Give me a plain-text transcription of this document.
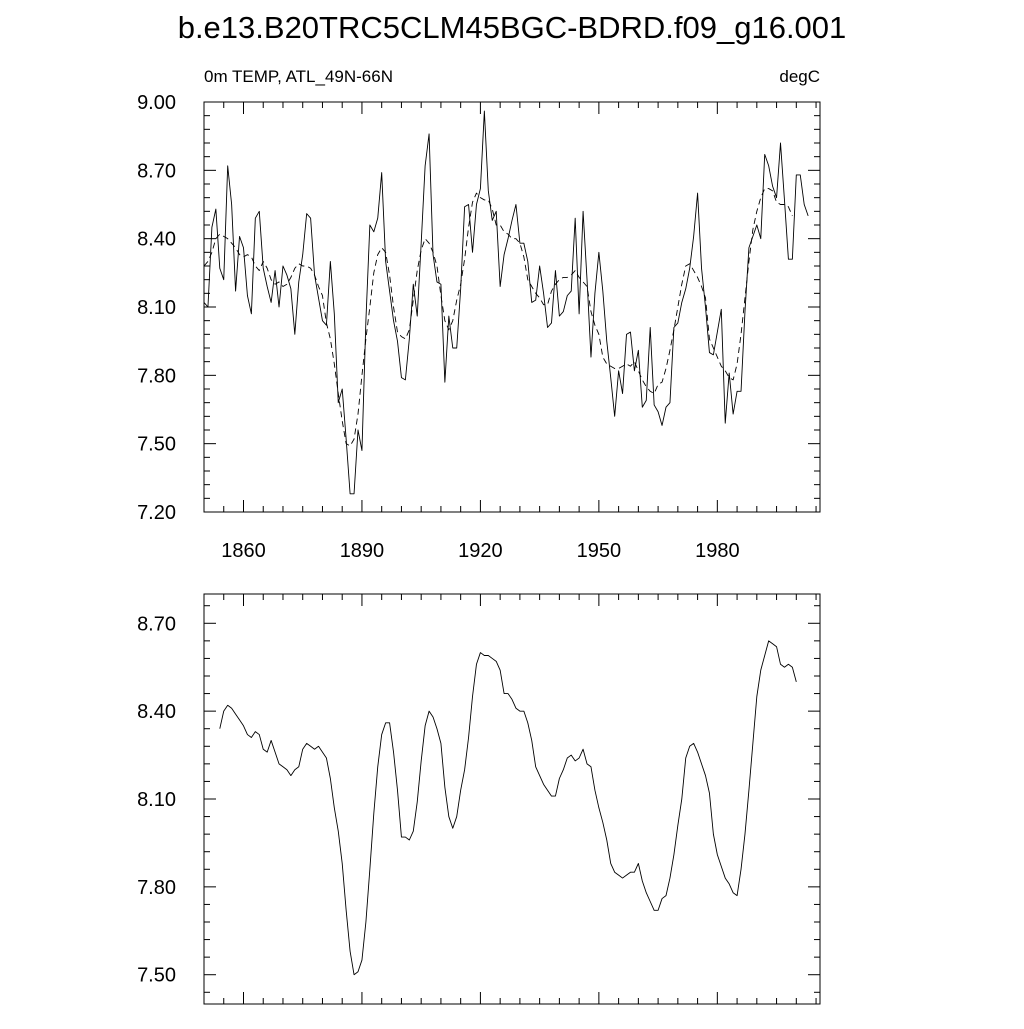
b.e13.B20TRC5CLM45BGC-BDRD.f09_g16.001
0m TEMP, ATL_49N-66N	degC
1860	1890	1920	1950	1980
7.20
7.50
7.80
8.10
8.40
8.70
9.00
7.50
7.80
8.10
8.40
8.70
